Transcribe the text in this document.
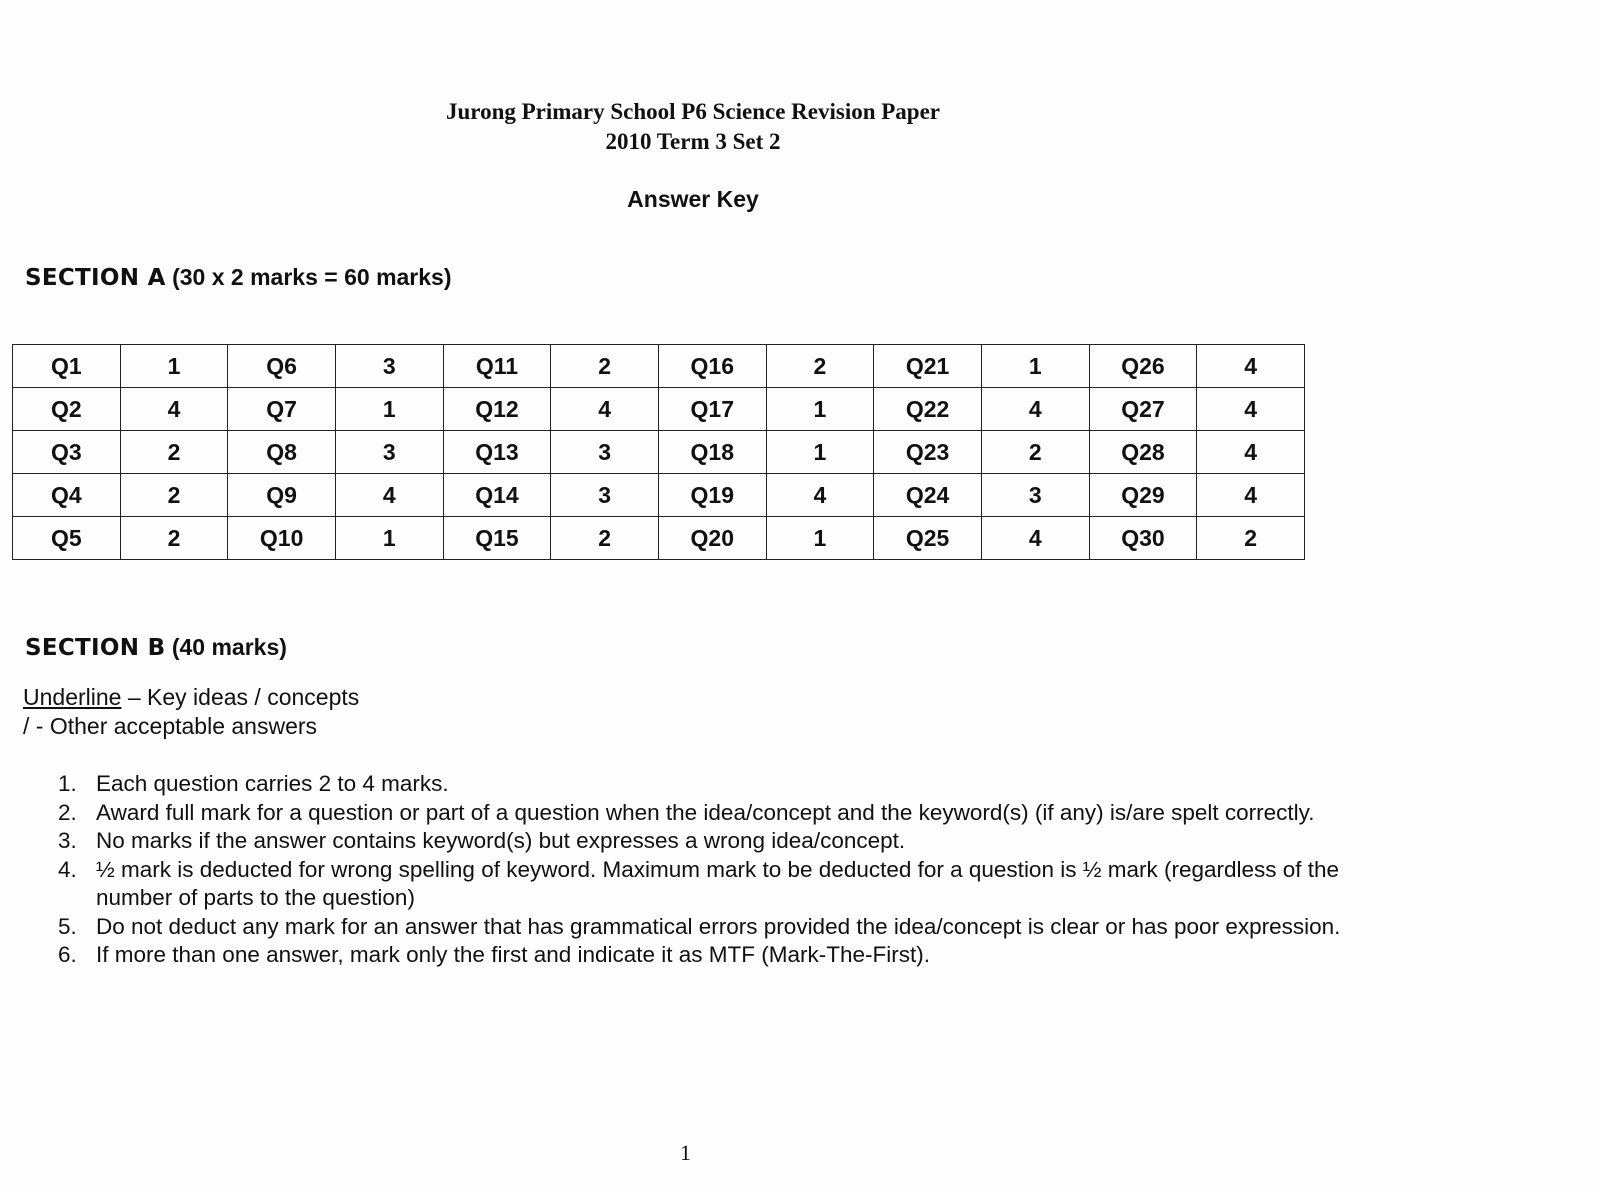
Jurong Primary School P6 Science Revision Paper
2010 Term 3 Set 2
Answer Key
SECTION A (30 x 2 marks = 60 marks)
Q1	1	Q6	3	Q11	2	Q16	2	Q21	1	Q26	4
Q2	4	Q7	1	Q12	4	Q17	1	Q22	4	Q27	4
Q3	2	Q8	3	Q13	3	Q18	1	Q23	2	Q28	4
Q4	2	Q9	4	Q14	3	Q19	4	Q24	3	Q29	4
Q5	2	Q10	1	Q15	2	Q20	1	Q25	4	Q30	2
SECTION B (40 marks)
Underline – Key ideas / concepts
/ - Other acceptable answers
1. Each question carries 2 to 4 marks.
2. Award full mark for a question or part of a question when the idea/concept and the keyword(s) (if any) is/are spelt correctly.
3. No marks if the answer contains keyword(s) but expresses a wrong idea/concept.
4. ½ mark is deducted for wrong spelling of keyword. Maximum mark to be deducted for a question is ½ mark (regardless of the number of parts to the question)
5. Do not deduct any mark for an answer that has grammatical errors provided the idea/concept is clear or has poor expression.
6. If more than one answer, mark only the first and indicate it as MTF (Mark-The-First).
1
